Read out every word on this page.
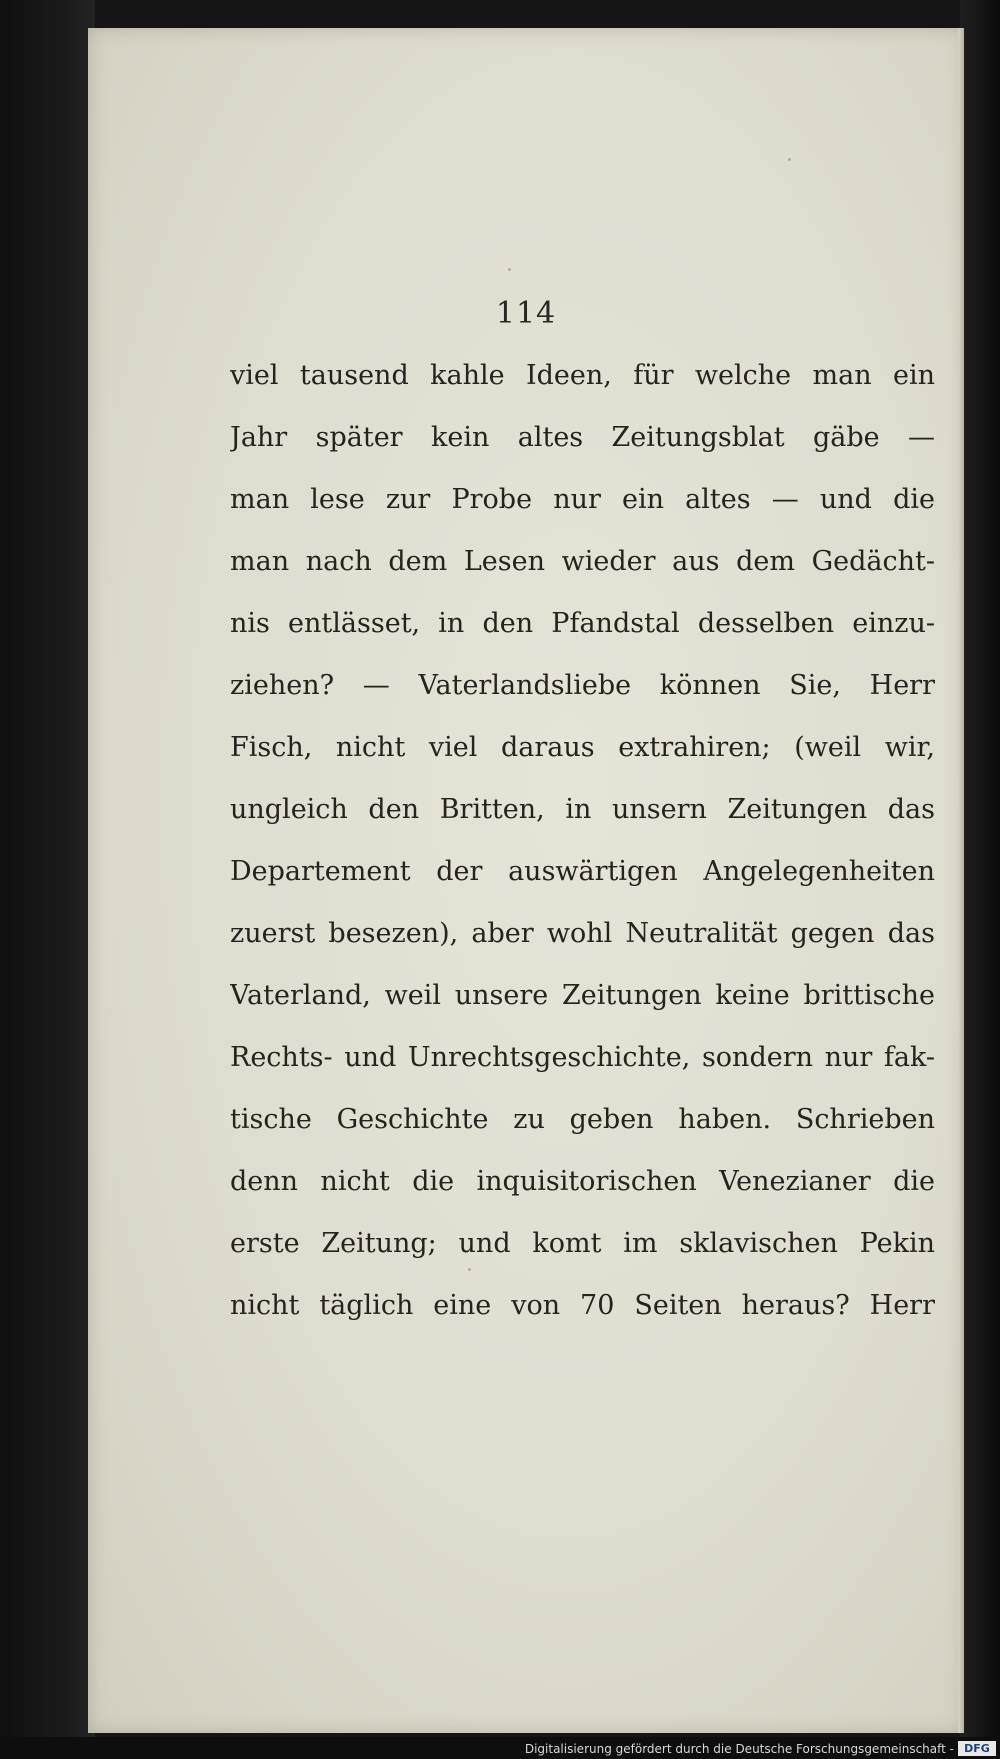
114
viel tausend kahle Ideen, für welche man ein
Jahr später kein altes Zeitungsblat gäbe —
man lese zur Probe nur ein altes — und die
man nach dem Lesen wieder aus dem Gedächt-
nis entlässet, in den Pfandstal desselben einzu-
ziehen? — Vaterlandsliebe können Sie, Herr
Fisch, nicht viel daraus extrahiren; (weil wir,
ungleich den Britten, in unsern Zeitungen das
Departement der auswärtigen Angelegenheiten
zuerst besezen), aber wohl Neutralität gegen das
Vaterland, weil unsere Zeitungen keine brittische
Rechts- und Unrechtsgeschichte, sondern nur fak-
tische Geschichte zu geben haben. Schrieben
denn nicht die inquisitorischen Venezianer die
erste Zeitung; und komt im sklavischen Pekin
nicht täglich eine von 70 Seiten heraus? Herr
Digitalisierung gefördert durch die Deutsche Forschungsgemeinschaft - DFG
